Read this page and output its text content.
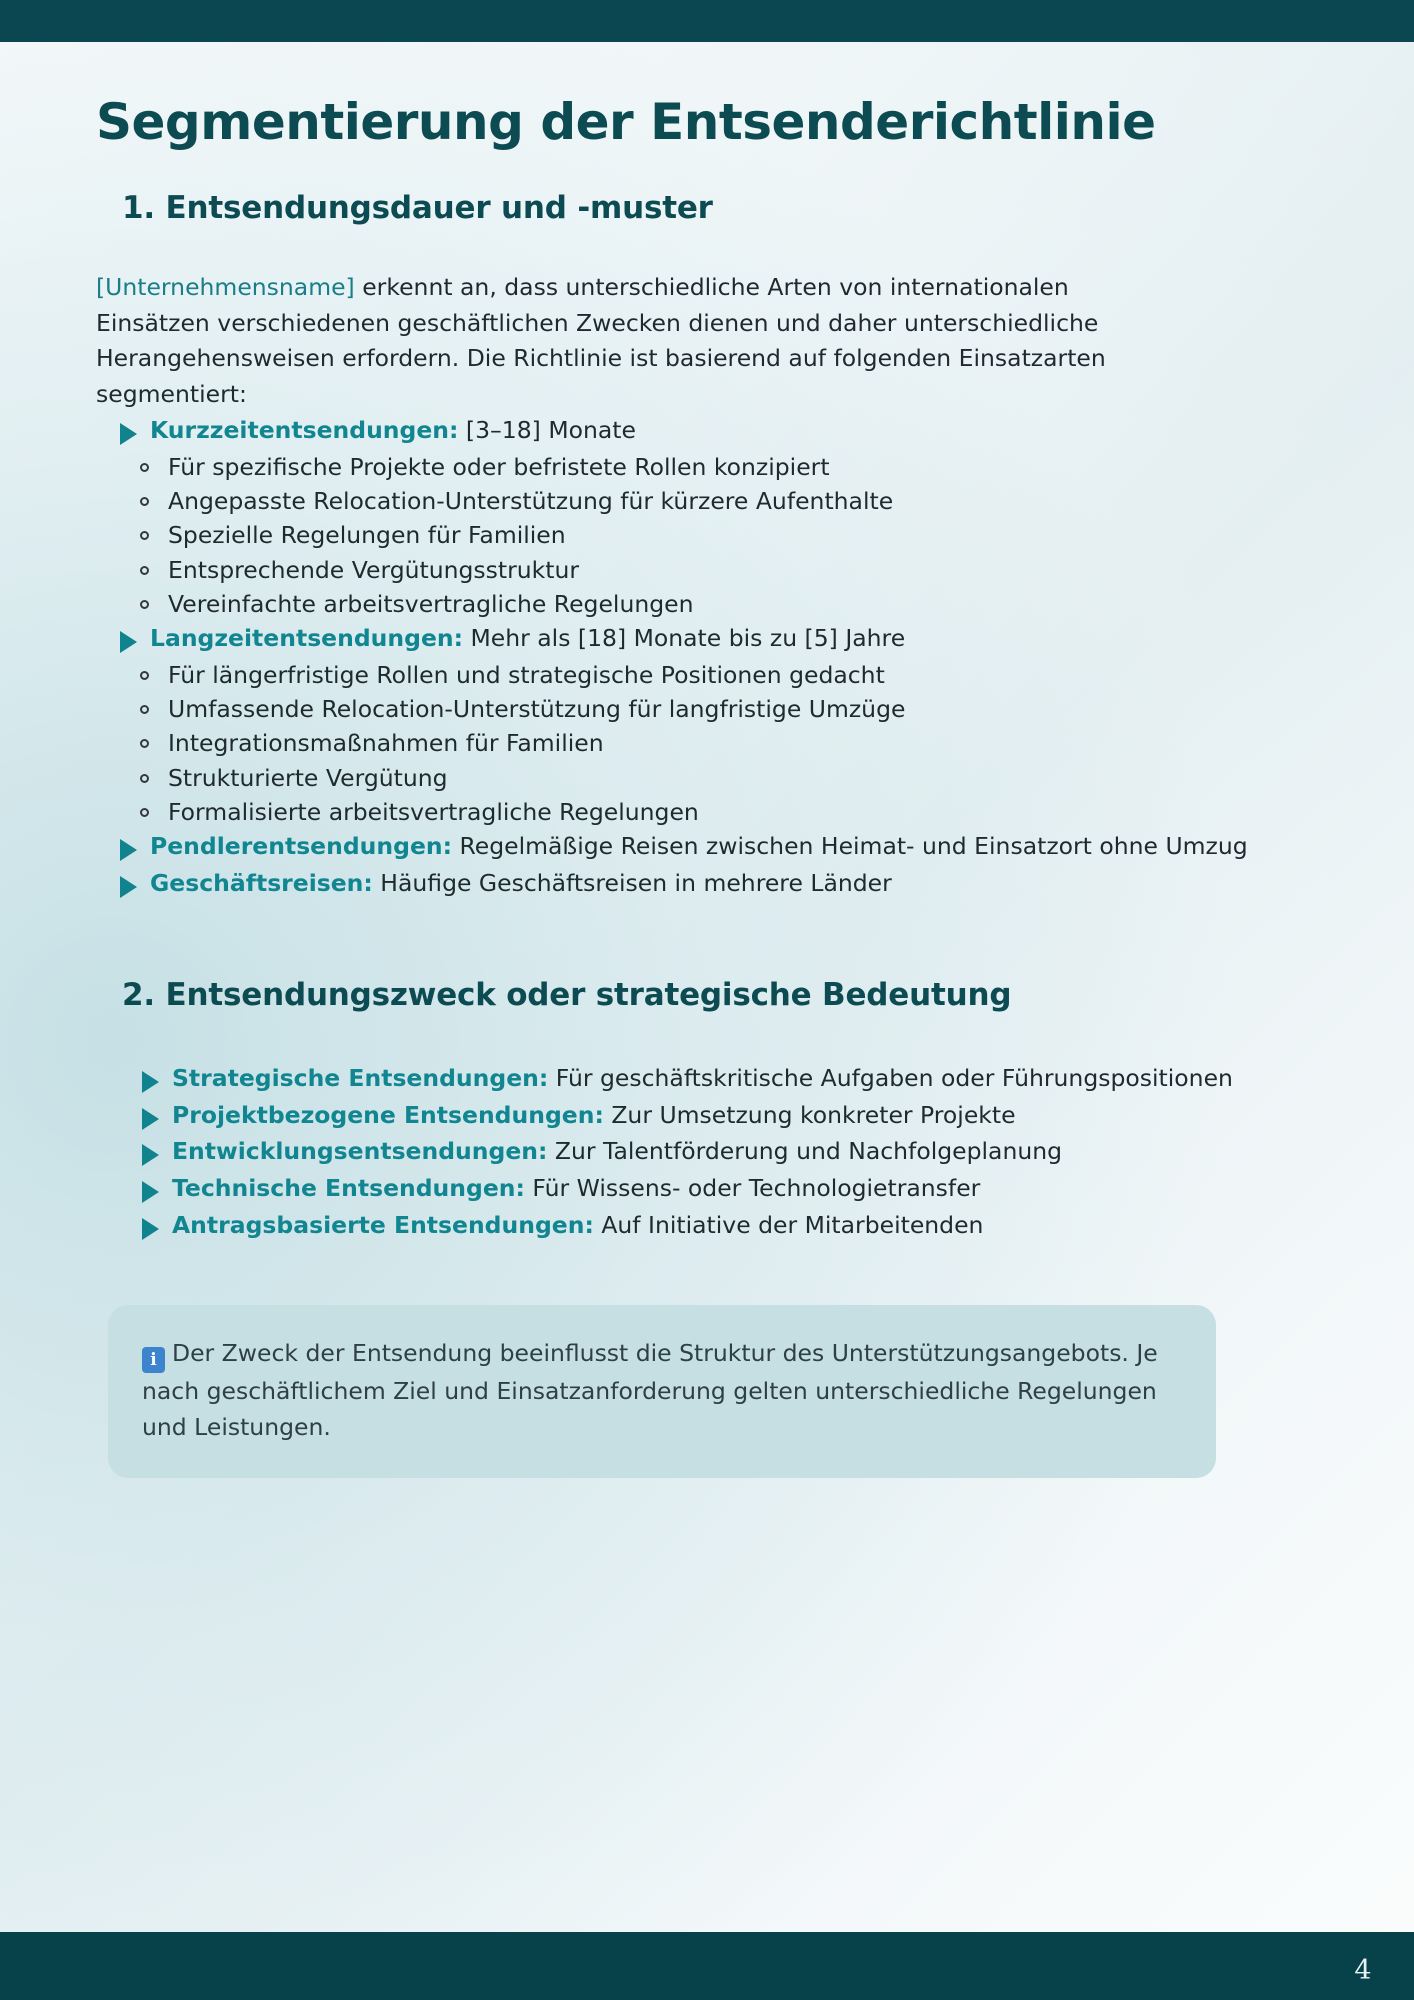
Segmentierung der Entsenderichtlinie
1. Entsendungsdauer und -muster

[Unternehmensname] erkennt an, dass unterschiedliche Arten von internationalen Einsätzen verschiedenen geschäftlichen Zwecken dienen und daher unterschiedliche Herangehensweisen erfordern. Die Richtlinie ist basierend auf folgenden Einsatzarten segmentiert:

Kurzzeitentsendungen: [3–18] Monate
Für spezifische Projekte oder befristete Rollen konzipiert
Angepasste Relocation-Unterstützung für kürzere Aufenthalte
Spezielle Regelungen für Familien
Entsprechende Vergütungsstruktur
Vereinfachte arbeitsvertragliche Regelungen
Langzeitentsendungen: Mehr als [18] Monate bis zu [5] Jahre
Für längerfristige Rollen und strategische Positionen gedacht
Umfassende Relocation-Unterstützung für langfristige Umzüge
Integrationsmaßnahmen für Familien
Strukturierte Vergütung
Formalisierte arbeitsvertragliche Regelungen
Pendlerentsendungen: Regelmäßige Reisen zwischen Heimat- und Einsatzort ohne Umzug
Geschäftsreisen: Häufige Geschäftsreisen in mehrere Länder
2. Entsendungszweck oder strategische Bedeutung
Strategische Entsendungen: Für geschäftskritische Aufgaben oder Führungspositionen
Projektbezogene Entsendungen: Zur Umsetzung konkreter Projekte
Entwicklungsentsendungen: Zur Talentförderung und Nachfolgeplanung
Technische Entsendungen: Für Wissens- oder Technologietransfer
Antragsbasierte Entsendungen: Auf Initiative der Mitarbeitenden

i Der Zweck der Entsendung beeinflusst die Struktur des Unterstützungsangebots. Je nach geschäftlichem Ziel und Einsatzanforderung gelten unterschiedliche Regelungen und Leistungen.

4
